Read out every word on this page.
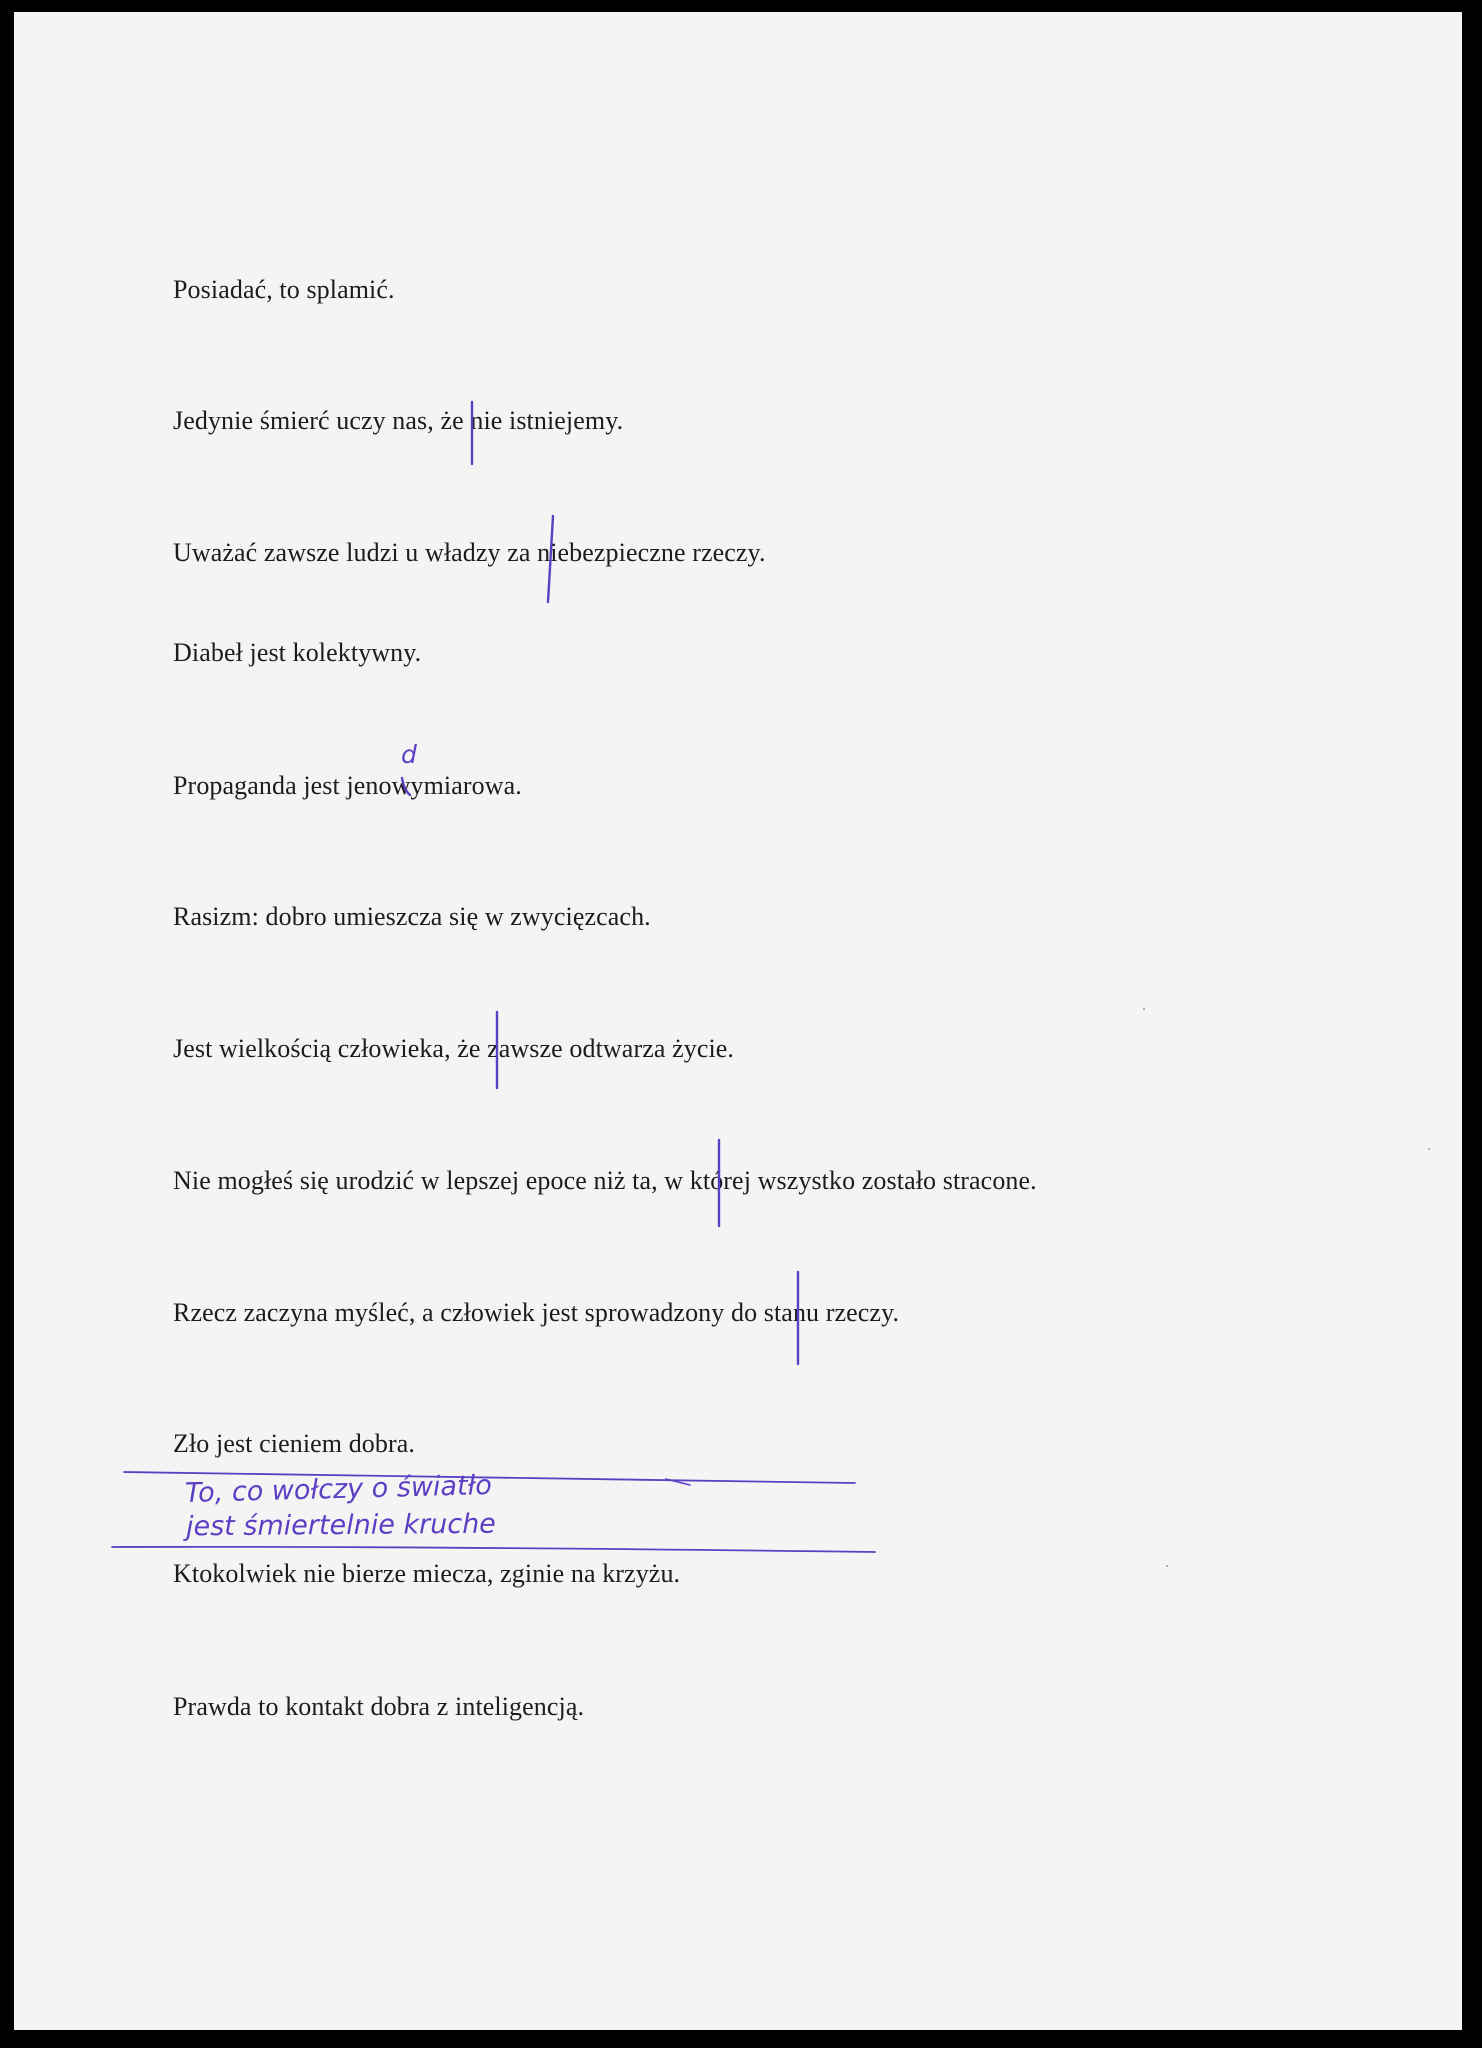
Posiadać, to splamić.

Jedynie śmierć uczy nas, że nie istniejemy.

Uważać zawsze ludzi u władzy za niebezpieczne rzeczy.

Diabeł jest kolektywny.

Propaganda jest jenowymiarowa.

Rasizm: dobro umieszcza się w zwycięzcach.

Jest wielkością człowieka, że zawsze odtwarza życie.

Nie mogłeś się urodzić w lepszej epoce niż ta, w której wszystko zostało stracone.

Rzecz zaczyna myśleć, a człowiek jest sprowadzony do stanu rzeczy.

Zło jest cieniem dobra.

Ktokolwiek nie bierze miecza, zginie na krzyżu.

Prawda to kontakt dobra z inteligencją.

To, co wołczy o światło
jest śmiertelnie kruche
d
